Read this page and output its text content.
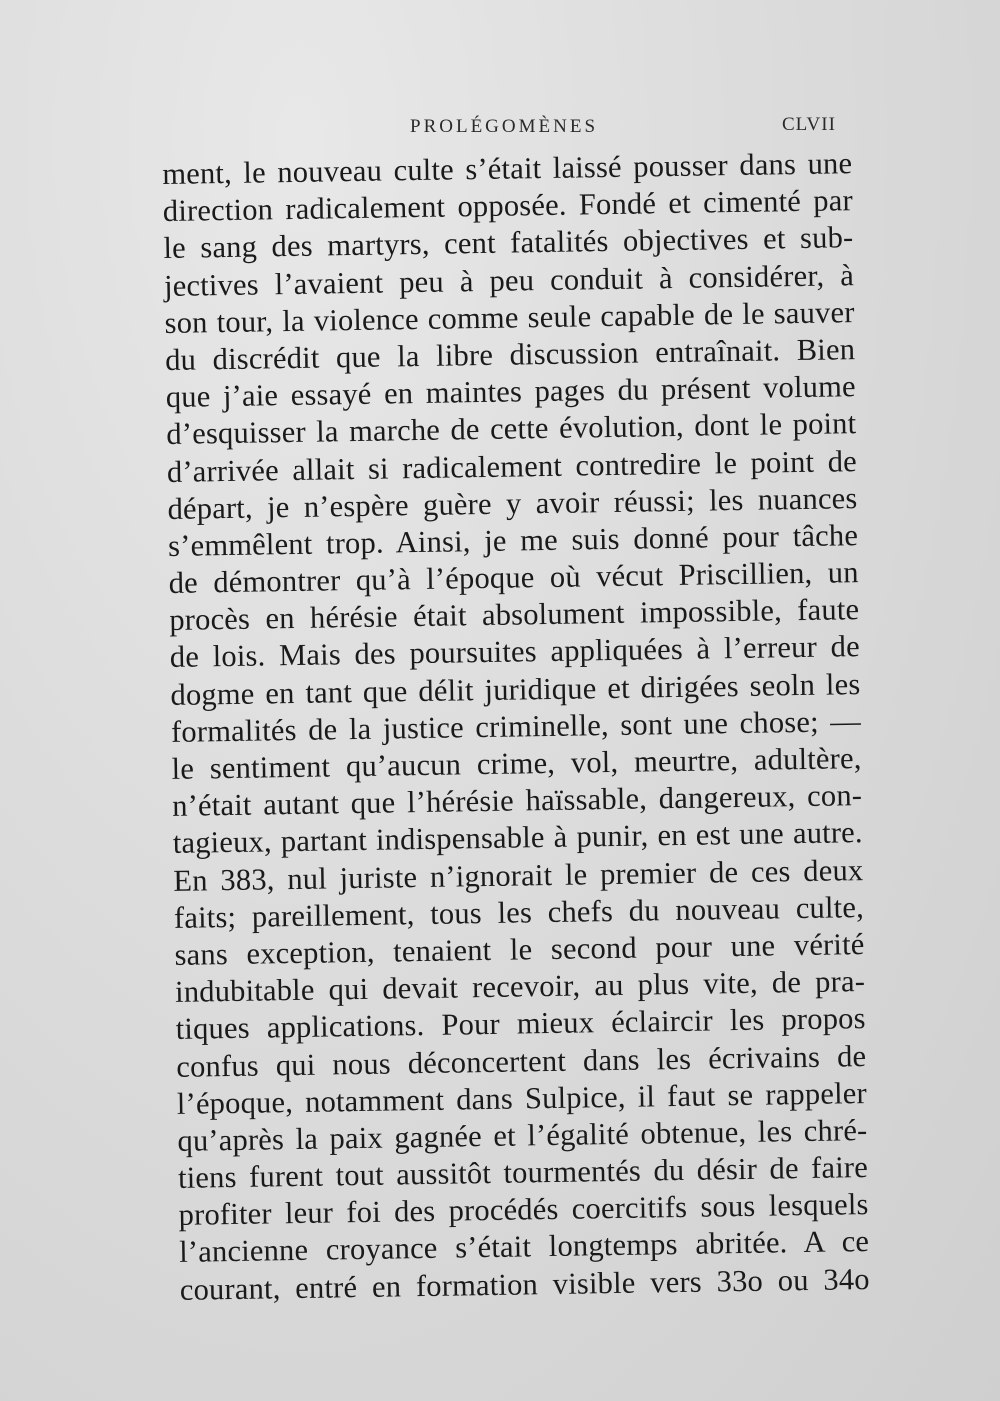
PROLÉGOMÈNES	CLVII
ment, le nouveau culte s’était laissé pousser dans une
direction radicalement opposée. Fondé et cimenté par
le sang des martyrs, cent fatalités objectives et sub-
jectives l’avaient peu à peu conduit à considérer, à
son tour, la violence comme seule capable de le sauver
du discrédit que la libre discussion entraînait. Bien
que j’aie essayé en maintes pages du présent volume
d’esquisser la marche de cette évolution, dont le point
d’arrivée allait si radicalement contredire le point de
départ, je n’espère guère y avoir réussi; les nuances
s’emmêlent trop. Ainsi, je me suis donné pour tâche
de démontrer qu’à l’époque où vécut Priscillien, un
procès en hérésie était absolument impossible, faute
de lois. Mais des poursuites appliquées à l’erreur de
dogme en tant que délit juridique et dirigées seoln les
formalités de la justice criminelle, sont une chose; —
le sentiment qu’aucun crime, vol, meurtre, adultère,
n’était autant que l’hérésie haïssable, dangereux, con-
tagieux, partant indispensable à punir, en est une autre.
En 383, nul juriste n’ignorait le premier de ces deux
faits; pareillement, tous les chefs du nouveau culte,
sans exception, tenaient le second pour une vérité
indubitable qui devait recevoir, au plus vite, de pra-
tiques applications. Pour mieux éclaircir les propos
confus qui nous déconcertent dans les écrivains de
l’époque, notamment dans Sulpice, il faut se rappeler
qu’après la paix gagnée et l’égalité obtenue, les chré-
tiens furent tout aussitôt tourmentés du désir de faire
profiter leur foi des procédés coercitifs sous lesquels
l’ancienne croyance s’était longtemps abritée. A ce
courant, entré en formation visible vers 33o ou 34o
